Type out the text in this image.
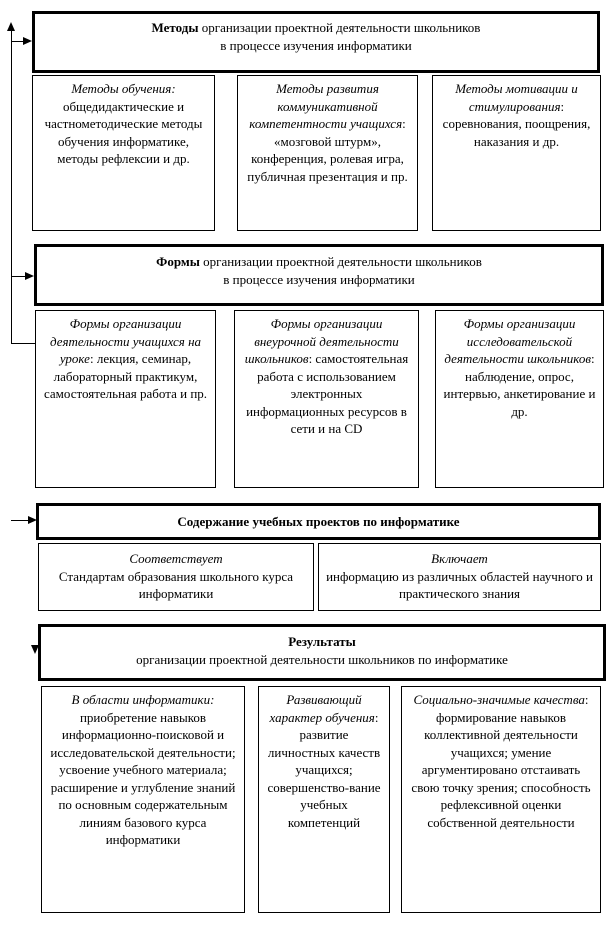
Методы организации проектной деятельности школьников

в процессе изучения информатики

Методы обучения: общедидактические и частнометодические методы обучения информатике, методы рефлексии и др.
Методы развития коммуникативной компетентности учащихся: «мозговой штурм», конференция, ролевая игра, публичная презентация и пр.
Методы мотивации и стимулирования: соревнования, поощрения, наказания и др.

Формы организации проектной деятельности школьников

в процессе изучения информатики

Формы организации деятельности учащихся на уроке: лекция, семинар, лабораторный практикум, самостоятельная работа и пр.
Формы организации внеурочной деятельности школьников: самостоятельная работа с использованием электронных информационных ресурсов в сети и на CD
Формы организации исследовательской деятельности школьников: наблюдение, опрос, интервью, анкетирование и др.
Содержание учебных проектов по информатике

Соответствует

Стандартам образования школьного курса информатики

Включает

информацию из различных областей научного и практического знания

Результаты

организации проектной деятельности школьников по информатике

В области информатики: приобретение навыков информационно-поисковой и исследовательской деятельности; усвоение учебного материала; расширение и углубление знаний по основным содержательным линиям базового курса информатики
Развивающий характер обучения: развитие личностных качеств учащихся; совершенство-вание учебных компетенций
Социально-значимые качества: формирование навыков коллективной деятельности учащихся; умение аргументировано отстаивать свою точку зрения; способность рефлексивной оценки собственной деятельности
